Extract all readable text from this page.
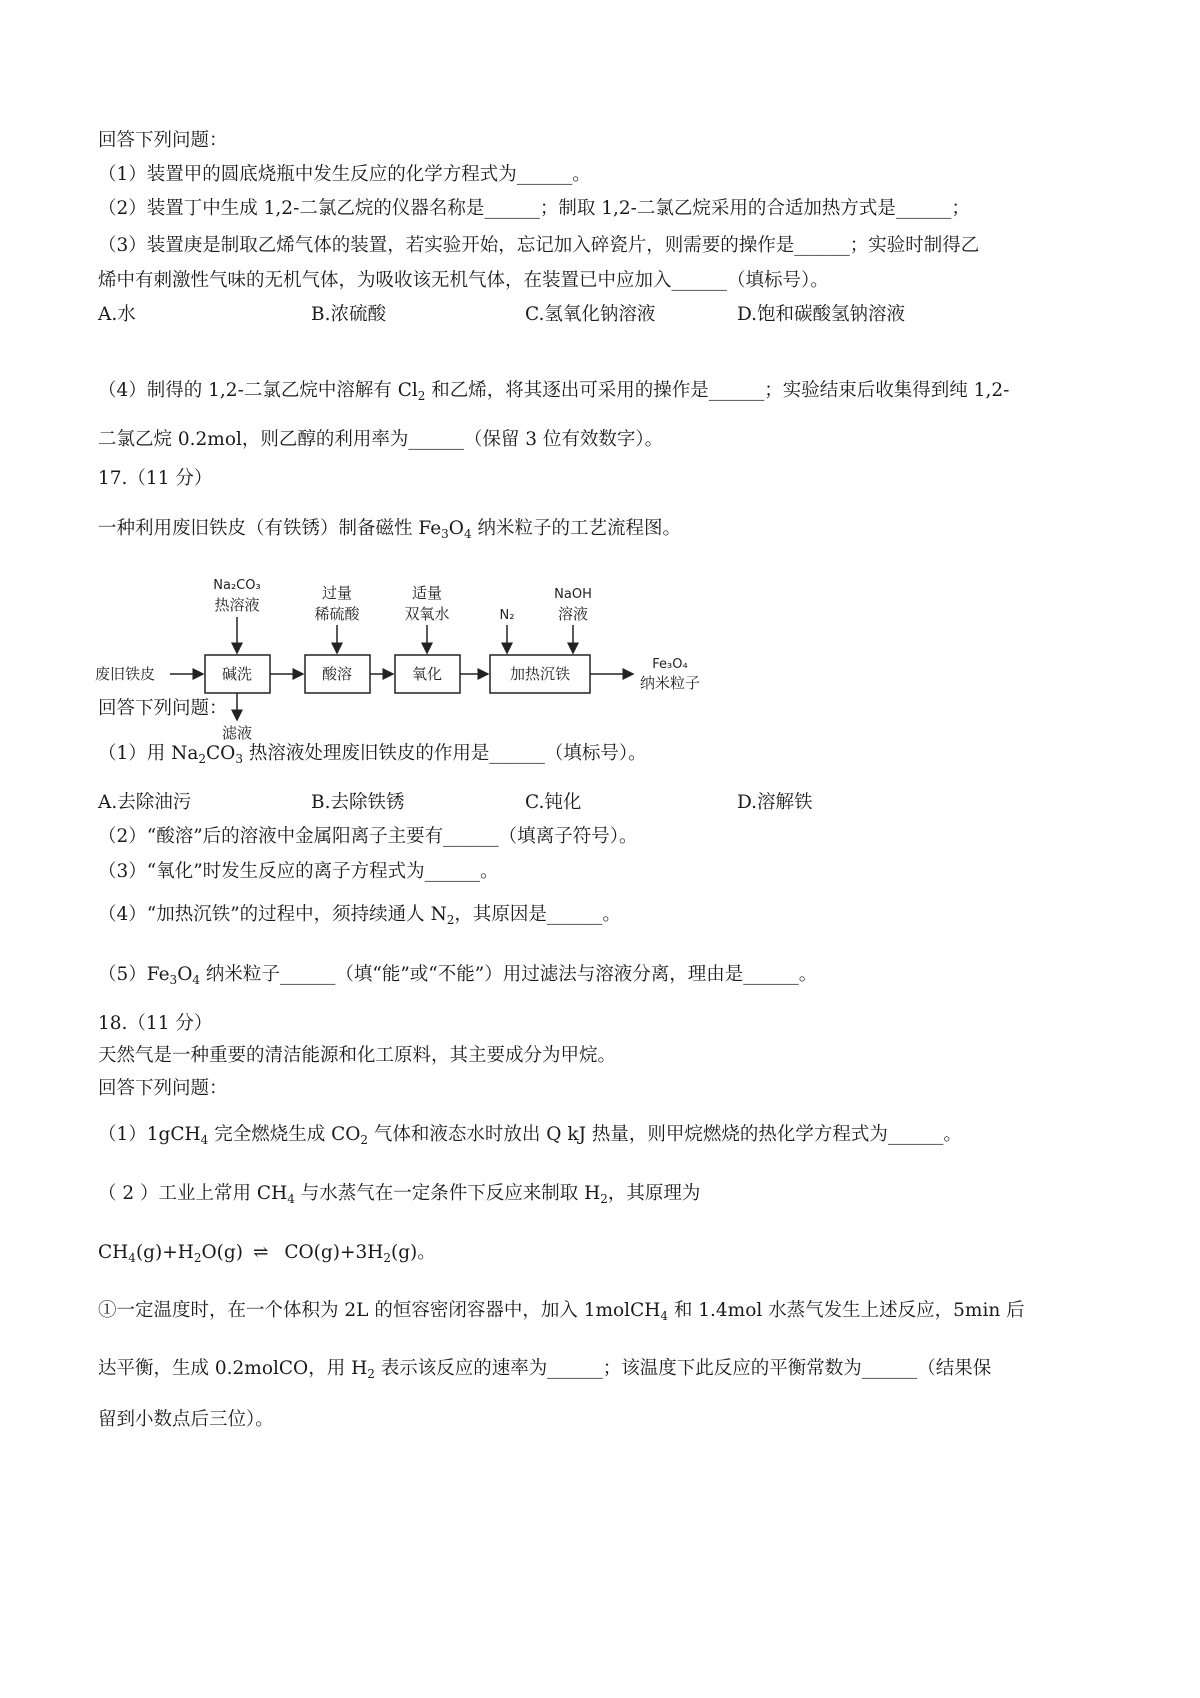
回答下列问题：
（1）装置甲的圆底烧瓶中发生反应的化学方程式为______。
（2）装置丁中生成 1,2-二氯乙烷的仪器名称是______；制取 1,2-二氯乙烷采用的合适加热方式是______；
（3）装置庚是制取乙烯气体的装置，若实验开始，忘记加入碎瓷片，则需要的操作是______；实验时制得乙
烯中有刺激性气味的无机气体，为吸收该无机气体，在装置已中应加入______（填标号）。
A.水	B.浓硫酸	C.氢氧化钠溶液	D.饱和碳酸氢钠溶液
（4）制得的 1,2-二氯乙烷中溶解有 $Cl_2$ 和乙烯，将其逐出可采用的操作是______；实验结束后收集得到纯 1,2-
二氯乙烷 0.2mol，则乙醇的利用率为______（保留 3 位有效数字）。
17.（11 分）
一种利用废旧铁皮（有铁锈）制备磁性 $Fe_3O_4$ 纳米粒子的工艺流程图。
废旧铁皮	碱洗
Na₂CO₃
热溶液
滤液
酸溶
过量
稀硫酸
氧化
适量
双氧水
加热沉铁
N₂
NaOH
溶液
Fe₃O₄
纳米粒子
回答下列问题：
（1）用 $Na_2CO_3$ 热溶液处理废旧铁皮的作用是______（填标号）。
A.去除油污	B.去除铁锈	C.钝化	D.溶解铁
（2）“酸溶”后的溶液中金属阳离子主要有______（填离子符号）。
（3）“氧化”时发生反应的离子方程式为______。
（4）“加热沉铁”的过程中，须持续通人 $N_2$，其原因是______。
$(5)Fe_3O_4$ 纳米粒子______（填“能”或“不能”）用过滤法与溶液分离，理由是______。
18.（11 分）
天然气是一种重要的清洁能源和化工原料，其主要成分为甲烷。
回答下列问题：
（1）1gCH$_4$ 完全燃烧生成 $CO_2$ 气体和液态水时放出 Q kJ 热量，则甲烷燃烧的热化学方程式为______。
（ 2 ）工业上常用 $CH_4$ 与水蒸气在一定条件下反应来制取 $H_2$，其原理为
$CH_4(g)+H_2O(g)$ ⇌ $CO(g)+3H_2(g)$。
①一定温度时，在一个体积为 2L 的恒容密闭容器中，加入 1molCH$_4$ 和 1.4mol 水蒸气发生上述反应，5min 后
达平衡，生成 0.2molCO，用 $H_2$ 表示该反应的速率为______；该温度下此反应的平衡常数为______（结果保
留到小数点后三位）。
